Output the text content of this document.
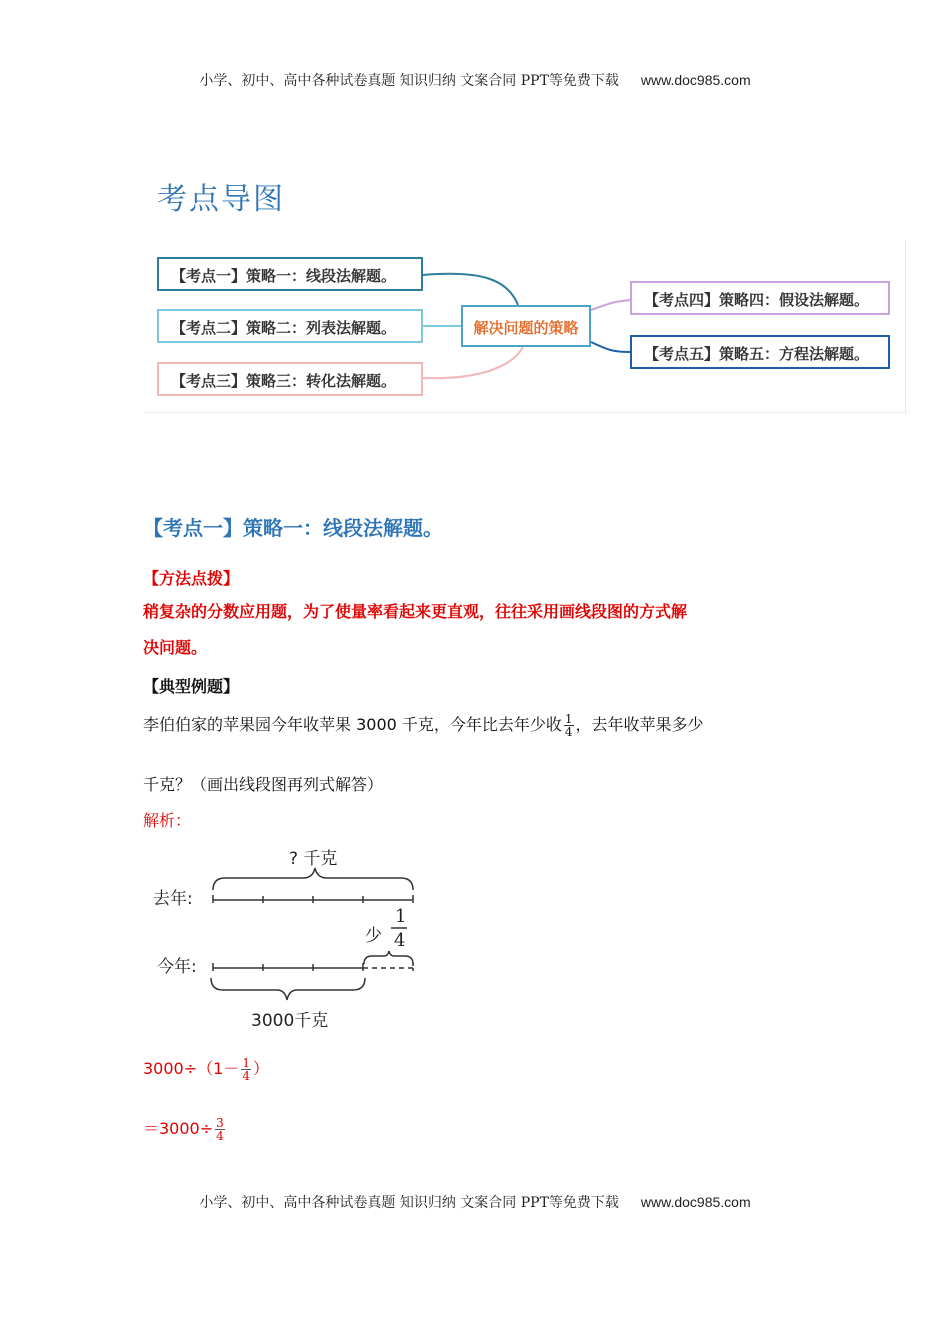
小学、初中、高中各种试卷真题 知识归纳 文案合同 PPT等免费下载 www.doc985.com
考点导图
【考点一】策略一：线段法解题。
【考点二】策略二：列表法解题。
【考点三】策略三：转化法解题。
解决问题的策略
【考点四】策略四：假设法解题。
【考点五】策略五：方程法解题。
【考点一】策略一：线段法解题。
【方法点拨】
稍复杂的分数应用题，为了使量率看起来更直观，往往采用画线段图的方式解
决问题。
【典型例题】
李伯伯家的苹果园今年收苹果 3000 千克，今年比去年少收 $\frac{1}{4}$ ，去年收苹果多少
千克？（画出线段图再列式解答）
解析：
? 千克
去年:
少
1
4
今年:
3000千克
$3000\div(1- \frac{1}{4}$ ）
$=3000\div \frac{3}{4}$
小学、初中、高中各种试卷真题 知识归纳 文案合同 PPT等免费下载 www.doc985.com
